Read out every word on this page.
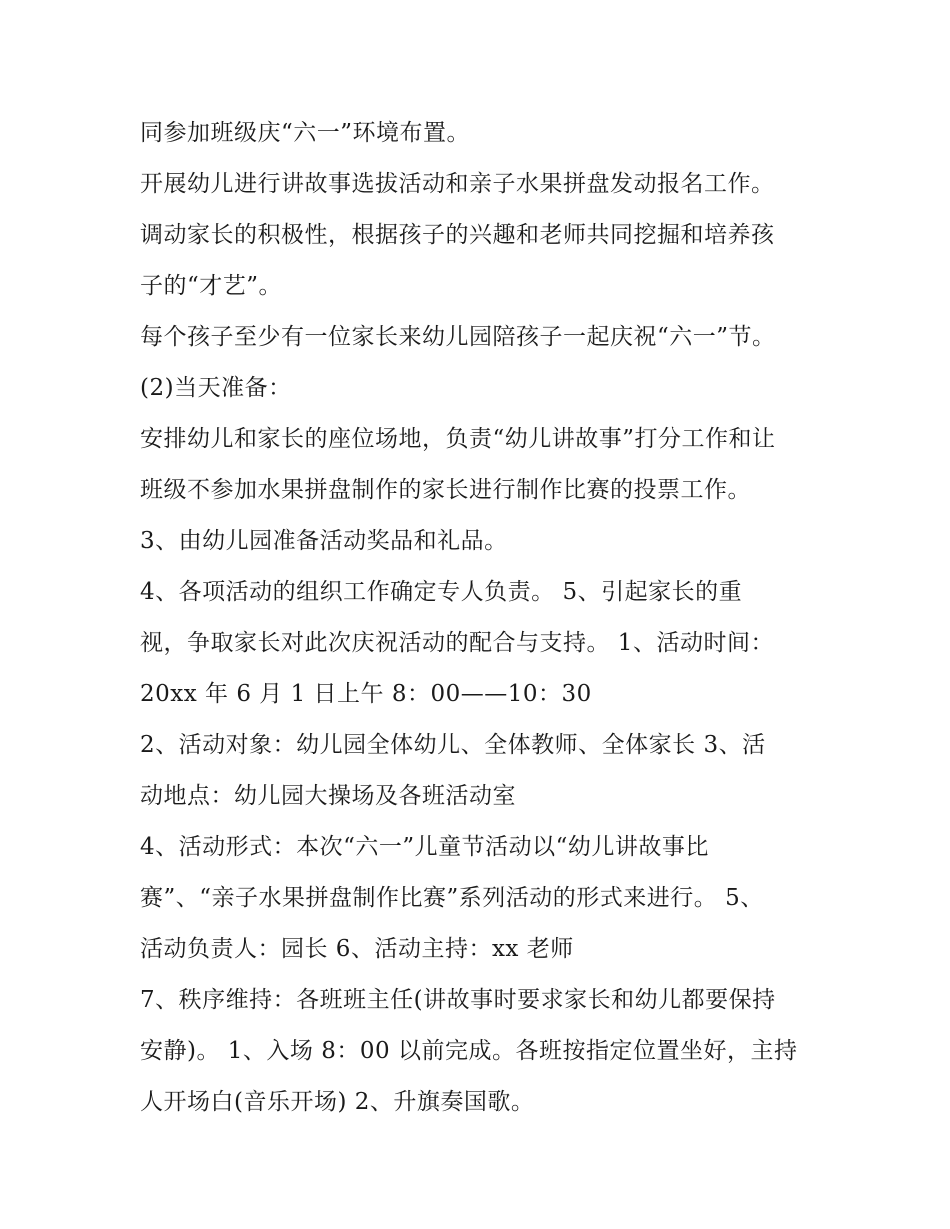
同参加班级庆“六一”环境布置。
开展幼儿进行讲故事选拔活动和亲子水果拼盘发动报名工作。
调动家长的积极性，根据孩子的兴趣和老师共同挖掘和培养孩
子的“才艺”。
每个孩子至少有一位家长来幼儿园陪孩子一起庆祝“六一”节。
(2)当天准备：
安排幼儿和家长的座位场地，负责“幼儿讲故事”打分工作和让
班级不参加水果拼盘制作的家长进行制作比赛的投票工作。
3、由幼儿园准备活动奖品和礼品。
4、各项活动的组织工作确定专人负责。 5、引起家长的重
视，争取家长对此次庆祝活动的配合与支持。 1、活动时间：
20xx 年 6 月 1 日上午 8：00——10：30
2、活动对象：幼儿园全体幼儿、全体教师、全体家长 3、活
动地点：幼儿园大操场及各班活动室
4、活动形式：本次“六一”儿童节活动以“幼儿讲故事比
赛”、“亲子水果拼盘制作比赛”系列活动的形式来进行。 5、
活动负责人：园长 6、活动主持：xx 老师
7、秩序维持：各班班主任(讲故事时要求家长和幼儿都要保持
安静)。 1、入场 8：00 以前完成。各班按指定位置坐好，主持
人开场白(音乐开场) 2、升旗奏国歌。
